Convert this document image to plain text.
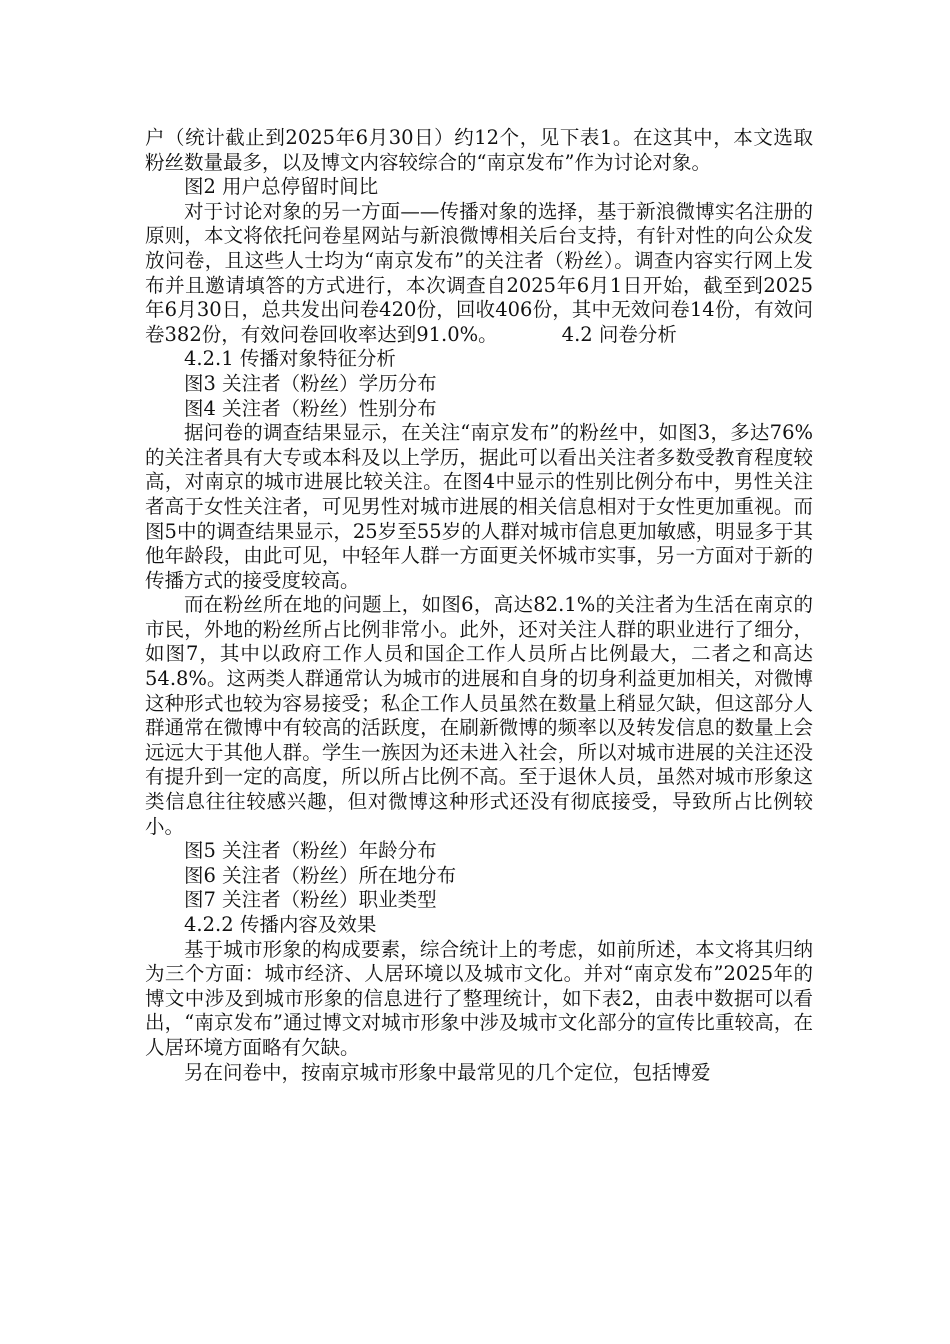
户（统计截止到2025年6月30日）约12个，见下表1。在这其中，本文选取粉丝数量最多，以及博文内容较综合的“南京发布”作为讨论对象。

图2 用户总停留时间比

对于讨论对象的另一方面——传播对象的选择，基于新浪微博实名注册的原则，本文将依托问卷星网站与新浪微博相关后台支持，有针对性的向公众发放问卷，且这些人士均为“南京发布”的关注者（粉丝）。调查内容实行网上发布并且邀请填答的方式进行，本次调查自2025年6月1日开始，截至到2025年6月30日，总共发出问卷420份，回收406份，其中无效问卷14份，有效问卷382份，有效问卷回收率达到91.0%。	4.2 问卷分析

4.2.1 传播对象特征分析

图3 关注者（粉丝）学历分布

图4 关注者（粉丝）性别分布

据问卷的调查结果显示，在关注“南京发布”的粉丝中，如图3，多达76%的关注者具有大专或本科及以上学历，据此可以看出关注者多数受教育程度较高，对南京的城市进展比较关注。在图4中显示的性别比例分布中，男性关注者高于女性关注者，可见男性对城市进展的相关信息相对于女性更加重视。而图5中的调查结果显示，25岁至55岁的人群对城市信息更加敏感，明显多于其他年龄段，由此可见，中轻年人群一方面更关怀城市实事，另一方面对于新的传播方式的接受度较高。

而在粉丝所在地的问题上，如图6，高达82.1%的关注者为生活在南京的市民，外地的粉丝所占比例非常小。此外，还对关注人群的职业进行了细分，如图7，其中以政府工作人员和国企工作人员所占比例最大，二者之和高达54.8%。这两类人群通常认为城市的进展和自身的切身利益更加相关，对微博这种形式也较为容易接受；私企工作人员虽然在数量上稍显欠缺，但这部分人群通常在微博中有较高的活跃度，在刷新微博的频率以及转发信息的数量上会远远大于其他人群。学生一族因为还未进入社会，所以对城市进展的关注还没有提升到一定的高度，所以所占比例不高。至于退休人员，虽然对城市形象这类信息往往较感兴趣，但对微博这种形式还没有彻底接受，导致所占比例较小。

图5 关注者（粉丝）年龄分布

图6 关注者（粉丝）所在地分布

图7 关注者（粉丝）职业类型

4.2.2 传播内容及效果

基于城市形象的构成要素，综合统计上的考虑，如前所述，本文将其归纳为三个方面：城市经济、人居环境以及城市文化。并对“南京发布”2025年的博文中涉及到城市形象的信息进行了整理统计，如下表2，由表中数据可以看出，“南京发布”通过博文对城市形象中涉及城市文化部分的宣传比重较高，在人居环境方面略有欠缺。

另在问卷中，按南京城市形象中最常见的几个定位，包括博爱
